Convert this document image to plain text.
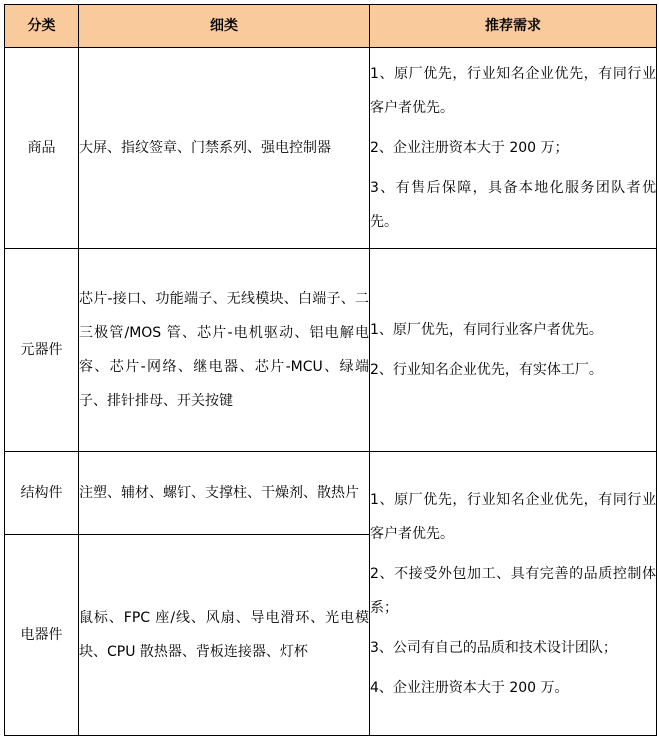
分类	细类	推荐需求
商品	大屏、指纹签章、门禁系列、强电控制器	1、原厂优先，行业知名企业优先，有同行业客户者优先。
2、企业注册资本大于 200 万；
3、有售后保障，具备本地化服务团队者优先。

元器件	芯片-接口、功能端子、无线模块、白端子、二三极管/MOS 管、芯片-电机驱动、铝电解电容、芯片-网络、继电器、芯片-MCU、绿端子、排针排母、开关按键	1、原厂优先，有同行业客户者优先。
2、行业知名企业优先，有实体工厂。

结构件	注塑、辅材、螺钉、支撑柱、干燥剂、散热片	1、原厂优先，行业知名企业优先，有同行业客户者优先。
2、不接受外包加工、具有完善的品质控制体系；
3、公司有自己的品质和技术设计团队；
4、企业注册资本大于 200 万。

电器件	鼠标、FPC 座/线、风扇、导电滑环、光电模块、CPU 散热器、背板连接器、灯杯	
